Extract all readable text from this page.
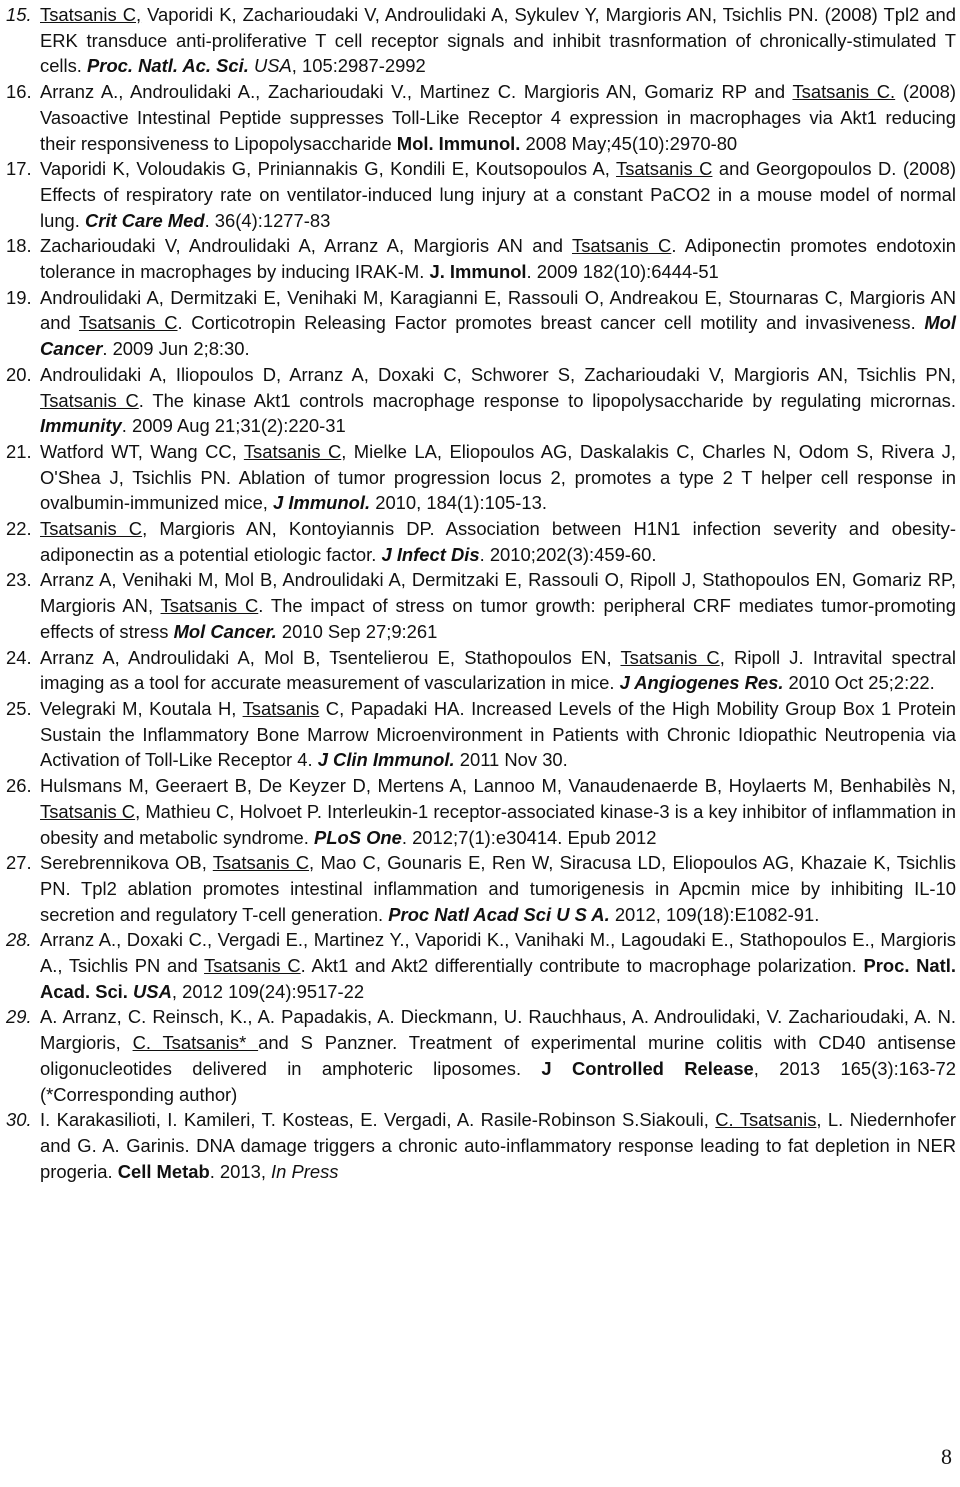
15. Tsatsanis C, Vaporidi K, Zacharioudaki V, Androulidaki A, Sykulev Y, Margioris AN, Tsichlis PN. (2008) Tpl2 and ERK transduce anti-proliferative T cell receptor signals and inhibit trasnformation of chronically-stimulated T cells. Proc. Natl. Ac. Sci. USA, 105:2987-2992
16. Arranz A., Androulidaki A., Zacharioudaki V., Martinez C. Margioris AN, Gomariz RP and Tsatsanis C. (2008) Vasoactive Intestinal Peptide suppresses Toll-Like Receptor 4 expression in macrophages via Akt1 reducing their responsiveness to Lipopolysaccharide Mol. Immunol. 2008 May;45(10):2970-80
17. Vaporidi K, Voloudakis G, Priniannakis G, Kondili E, Koutsopoulos A, Tsatsanis C and Georgopoulos D. (2008) Effects of respiratory rate on ventilator-induced lung injury at a constant PaCO2 in a mouse model of normal lung. Crit Care Med. 36(4):1277-83
18. Zacharioudaki V, Androulidaki A, Arranz A, Margioris AN and Tsatsanis C. Adiponectin promotes endotoxin tolerance in macrophages by inducing IRAK-M. J. Immunol. 2009 182(10):6444-51
19. Androulidaki A, Dermitzaki E, Venihaki M, Karagianni E, Rassouli O, Andreakou E, Stournaras C, Margioris AN and Tsatsanis C. Corticotropin Releasing Factor promotes breast cancer cell motility and invasiveness. Mol Cancer. 2009 Jun 2;8:30.
20. Androulidaki A, Iliopoulos D, Arranz A, Doxaki C, Schworer S, Zacharioudaki V, Margioris AN, Tsichlis PN, Tsatsanis C. The kinase Akt1 controls macrophage response to lipopolysaccharide by regulating micrornas. Immunity. 2009 Aug 21;31(2):220-31
21. Watford WT, Wang CC, Tsatsanis C, Mielke LA, Eliopoulos AG, Daskalakis C, Charles N, Odom S, Rivera J, O'Shea J, Tsichlis PN. Ablation of tumor progression locus 2, promotes a type 2 T helper cell response in ovalbumin-immunized mice, J Immunol. 2010, 184(1):105-13.
22. Tsatsanis C, Margioris AN, Kontoyiannis DP. Association between H1N1 infection severity and obesity-adiponectin as a potential etiologic factor. J Infect Dis. 2010;202(3):459-60.
23. Arranz A, Venihaki M, Mol B, Androulidaki A, Dermitzaki E, Rassouli O, Ripoll J, Stathopoulos EN, Gomariz RP, Margioris AN, Tsatsanis C. The impact of stress on tumor growth: peripheral CRF mediates tumor-promoting effects of stress Mol Cancer. 2010 Sep 27;9:261
24. Arranz A, Androulidaki A, Mol B, Tsentelierou E, Stathopoulos EN, Tsatsanis C, Ripoll J. Intravital spectral imaging as a tool for accurate measurement of vascularization in mice. J Angiogenes Res. 2010 Oct 25;2:22.
25. Velegraki M, Koutala H, Tsatsanis C, Papadaki HA. Increased Levels of the High Mobility Group Box 1 Protein Sustain the Inflammatory Bone Marrow Microenvironment in Patients with Chronic Idiopathic Neutropenia via Activation of Toll-Like Receptor 4. J Clin Immunol. 2011 Nov 30.
26. Hulsmans M, Geeraert B, De Keyzer D, Mertens A, Lannoo M, Vanaudenaerde B, Hoylaerts M, Benhabilès N, Tsatsanis C, Mathieu C, Holvoet P. Interleukin-1 receptor-associated kinase-3 is a key inhibitor of inflammation in obesity and metabolic syndrome. PLoS One. 2012;7(1):e30414. Epub 2012
27. Serebrennikova OB, Tsatsanis C, Mao C, Gounaris E, Ren W, Siracusa LD, Eliopoulos AG, Khazaie K, Tsichlis PN. Tpl2 ablation promotes intestinal inflammation and tumorigenesis in Apcmin mice by inhibiting IL-10 secretion and regulatory T-cell generation. Proc Natl Acad Sci U S A. 2012, 109(18):E1082-91.
28. Arranz A., Doxaki C., Vergadi E., Martinez Y., Vaporidi K., Vanihaki M., Lagoudaki E., Stathopoulos E., Margioris A., Tsichlis PN and Tsatsanis C. Akt1 and Akt2 differentially contribute to macrophage polarization. Proc. Natl. Acad. Sci. USA, 2012 109(24):9517-22
29. A. Arranz, C. Reinsch, K., A. Papadakis, A. Dieckmann, U. Rauchhaus, A. Androulidaki, V. Zacharioudaki, A. N. Margioris, C. Tsatsanis* and S Panzner. Treatment of experimental murine colitis with CD40 antisense oligonucleotides delivered in amphoteric liposomes. J Controlled Release, 2013 165(3):163-72 (*Corresponding author)
30. I. Karakasilioti, I. Kamileri, T. Kosteas, E. Vergadi, A. Rasile-Robinson S.Siakouli, C. Tsatsanis, L. Niedernhofer and G. A. Garinis. DNA damage triggers a chronic auto-inflammatory response leading to fat depletion in NER progeria. Cell Metab. 2013, In Press
8
